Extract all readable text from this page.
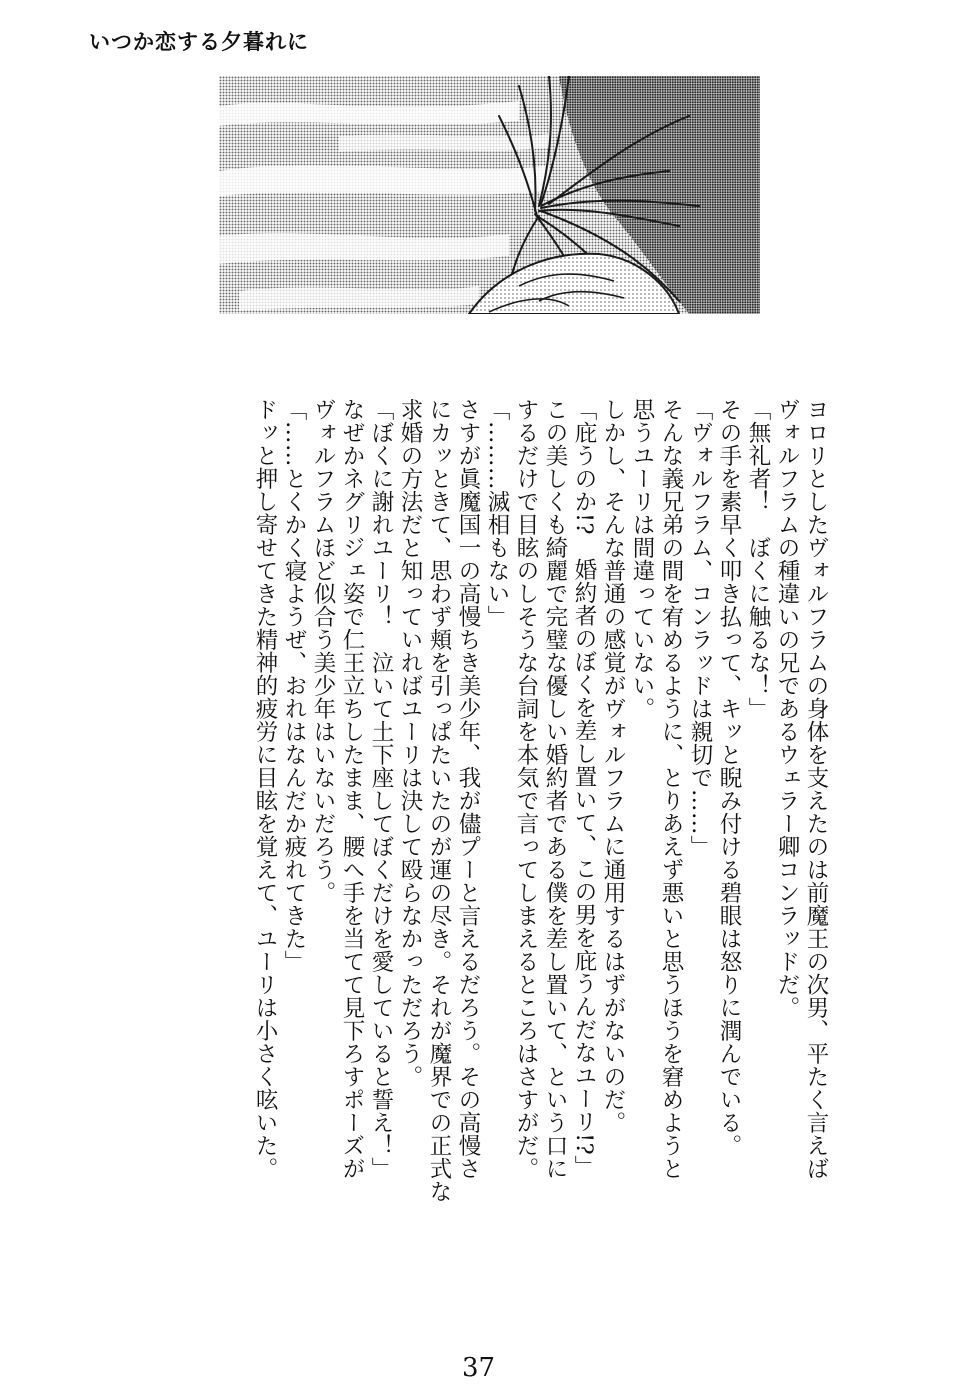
いつか恋する夕暮れに

ヨロリとしたヴォルフラムの身体を支えたのは前魔王の次男、平たく言えば

ヴォルフラムの種違いの兄であるウェラー卿コンラッドだ。

「無礼者！　ぼくに触るな！」

その手を素早く叩き払って、キッと睨み付ける碧眼は怒りに潤んでいる。

「ヴォルフラム、コンラッドは親切で……」

そんな義兄弟の間を宥めるように、とりあえず悪いと思うほうを窘めようと

思うユーリは間違っていない。

しかし、そんな普通の感覚がヴォルフラムに通用するはずがないのだ。

「庇うのか!?　婚約者のぼくを差し置いて、この男を庇うんだなユーリ!?」

この美しくも綺麗で完璧な優しい婚約者である僕を差し置いて、という口に

するだけで目眩のしそうな台詞を本気で言ってしまえるところはさすがだ。

「………滅相もない」

さすが眞魔国一の高慢ちき美少年、我が儘プーと言えるだろう。その高慢さ

にカッときて、思わず頬を引っぱたいたのが運の尽き。それが魔界での正式な

求婚の方法だと知っていればユーリは決して殴らなかっただろう。

「ぼくに謝れユーリ！　泣いて土下座してぼくだけを愛していると誓え！」

なぜかネグリジェ姿で仁王立ちしたまま、腰へ手を当てて見下ろすポーズが

ヴォルフラムほど似合う美少年はいないだろう。

「……とくかく寝ようぜ、おれはなんだか疲れてきた」

ドッと押し寄せてきた精神的疲労に目眩を覚えて、ユーリは小さく呟いた。

37
